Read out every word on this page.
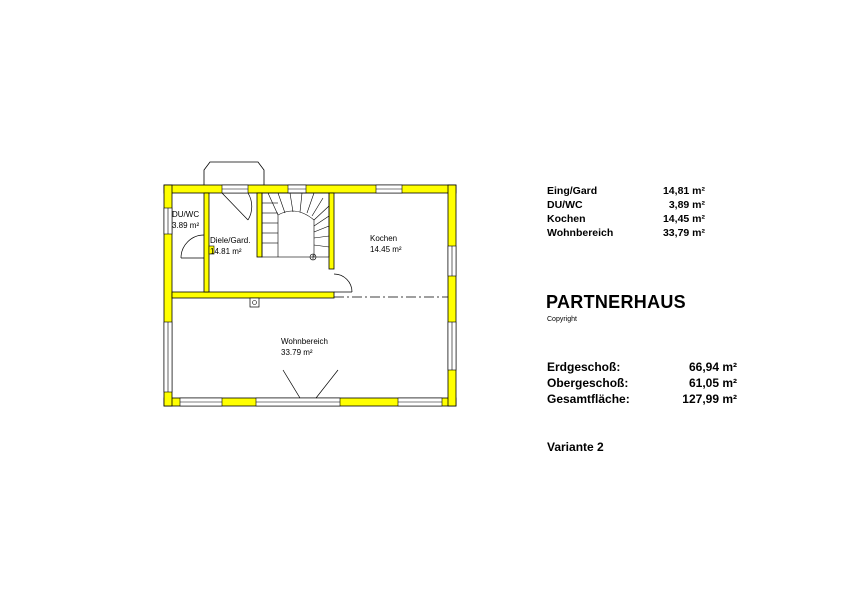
DU/WC
3.89 m²
Diele/Gard.
14.81 m²
Kochen
14.45 m²
Wohnbereich
33.79 m²
Eing/Gard	14,81 m²
DU/WC	3,89 m²
Kochen	14,45 m²
Wohnbereich	33,79 m²
PARTNERHAUS
Copyright
Erdgeschoß:	66,94 m²
Obergeschoß:	61,05 m²
Gesamtfläche:	127,99 m²
Variante 2
